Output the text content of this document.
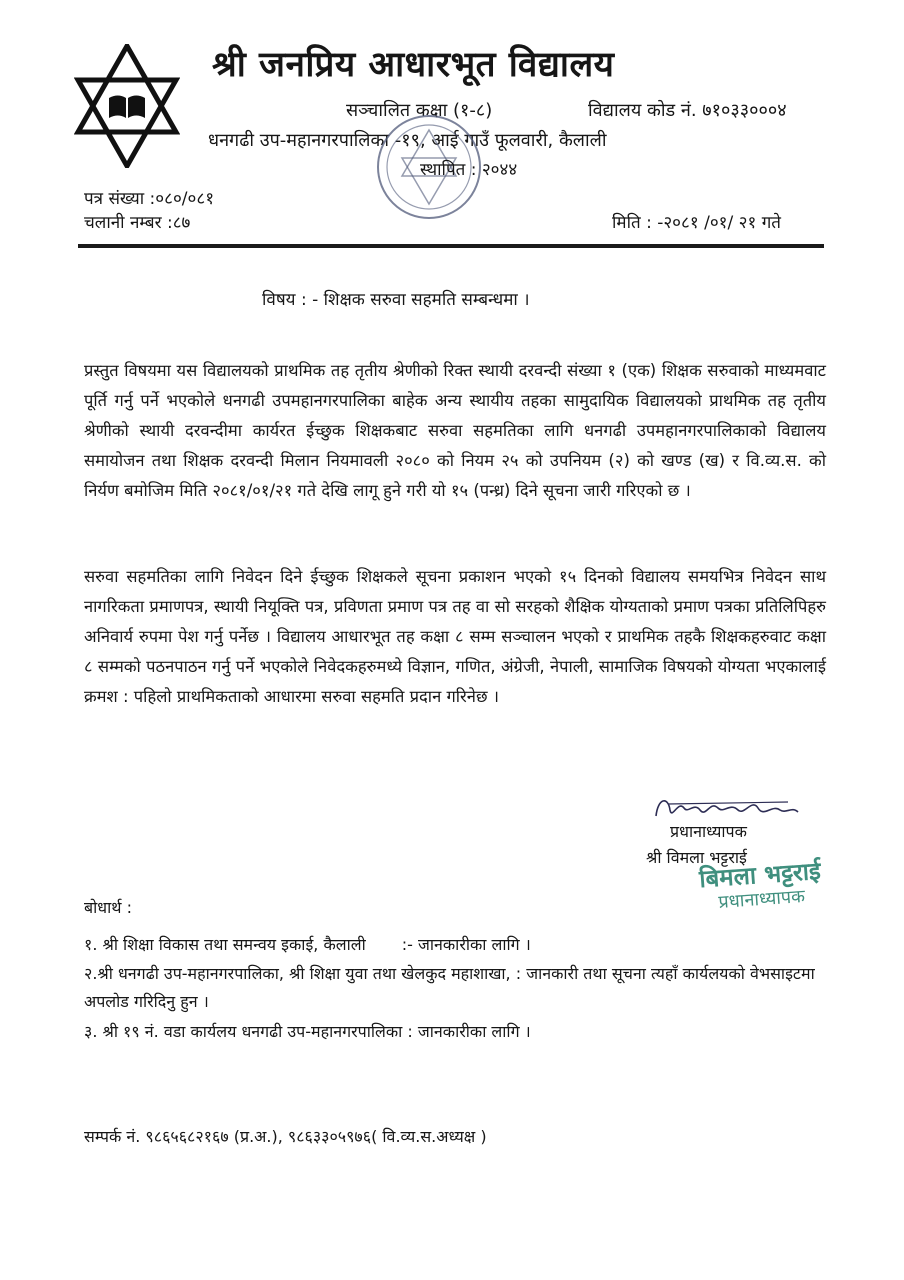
श्री जनप्रिय आधारभूत विद्यालय
सञ्चालित कक्षा (१-८)	विद्यालय कोड नं. ७१०३३०००४
धनगढी उप-महानगरपालिका -१९, आई गाउँ फूलवारी, कैलाली
स्थापित : २०४४
पत्र संख्या :०८०/०८१
चलानी नम्बर :८७	मिति : -२०८१ /०१/ २१ गते
विषय : - शिक्षक सरुवा सहमति सम्बन्धमा ।

प्रस्तुत विषयमा यस विद्यालयको प्राथमिक तह तृतीय श्रेणीको रिक्त स्थायी दरवन्दी संख्या १ (एक) शिक्षक सरुवाको माध्यमवाट पूर्ति गर्नु पर्ने भएकोले धनगढी उपमहानगरपालिका बाहेक अन्य स्थायीय तहका सामुदायिक विद्यालयको प्राथमिक तह तृतीय श्रेणीको स्थायी दरवन्दीमा कार्यरत ईच्छुक शिक्षकबाट सरुवा सहमतिका लागि धनगढी उपमहानगरपालिकाको विद्यालय समायोजन तथा शिक्षक दरवन्दी मिलान नियमावली २०८० को नियम २५ को उपनियम (२) को खण्ड (ख) र वि.व्य.स. को निर्यण बमोजिम मिति २०८१/०१/२१ गते देखि लागू हुने गरी यो १५ (पन्ध्र) दिने सूचना जारी गरिएको छ ।

सरुवा सहमतिका लागि निवेदन दिने ईच्छुक शिक्षकले सूचना प्रकाशन भएको १५ दिनको विद्यालय समयभित्र निवेदन साथ नागरिकता प्रमाणपत्र, स्थायी नियूक्ति पत्र, प्रविणता प्रमाण पत्र तह वा सो सरहको शैक्षिक योग्यताको प्रमाण पत्रका प्रतिलिपिहरु अनिवार्य रुपमा पेश गर्नु पर्नेछ । विद्यालय आधारभूत तह कक्षा ८ सम्म सञ्चालन भएको र प्राथमिक तहकै शिक्षकहरुवाट कक्षा ८ सम्मको पठनपाठन गर्नु पर्ने भएकोले निवेदकहरुमध्ये विज्ञान, गणित, अंग्रेजी, नेपाली, सामाजिक विषयको योग्यता भएकालाई क्रमश : पहिलो प्राथमिकताको आधारमा सरुवा सहमति प्रदान गरिनेछ ।

प्रधानाध्यापक
श्री विमला भट्टराई
बिमला भट्टराई
प्रधानाध्यापक
बोधार्थ :

१. श्री शिक्षा विकास तथा समन्वय इकाई, कैलाली :- जानकारीका लागि ।

२.श्री धनगढी उप-महानगरपालिका, श्री शिक्षा युवा तथा खेलकुद महाशाखा, : जानकारी तथा सूचना त्यहाँ कार्यलयको वेभसाइटमा अपलोड गरिदिनु हुन ।

३. श्री १९ नं. वडा कार्यलय धनगढी उप-महानगरपालिका : जानकारीका लागि ।

सम्पर्क नं. ९८६५६८२१६७ (प्र.अ.), ९८६३३०५९७६( वि.व्य.स.अध्यक्ष )
